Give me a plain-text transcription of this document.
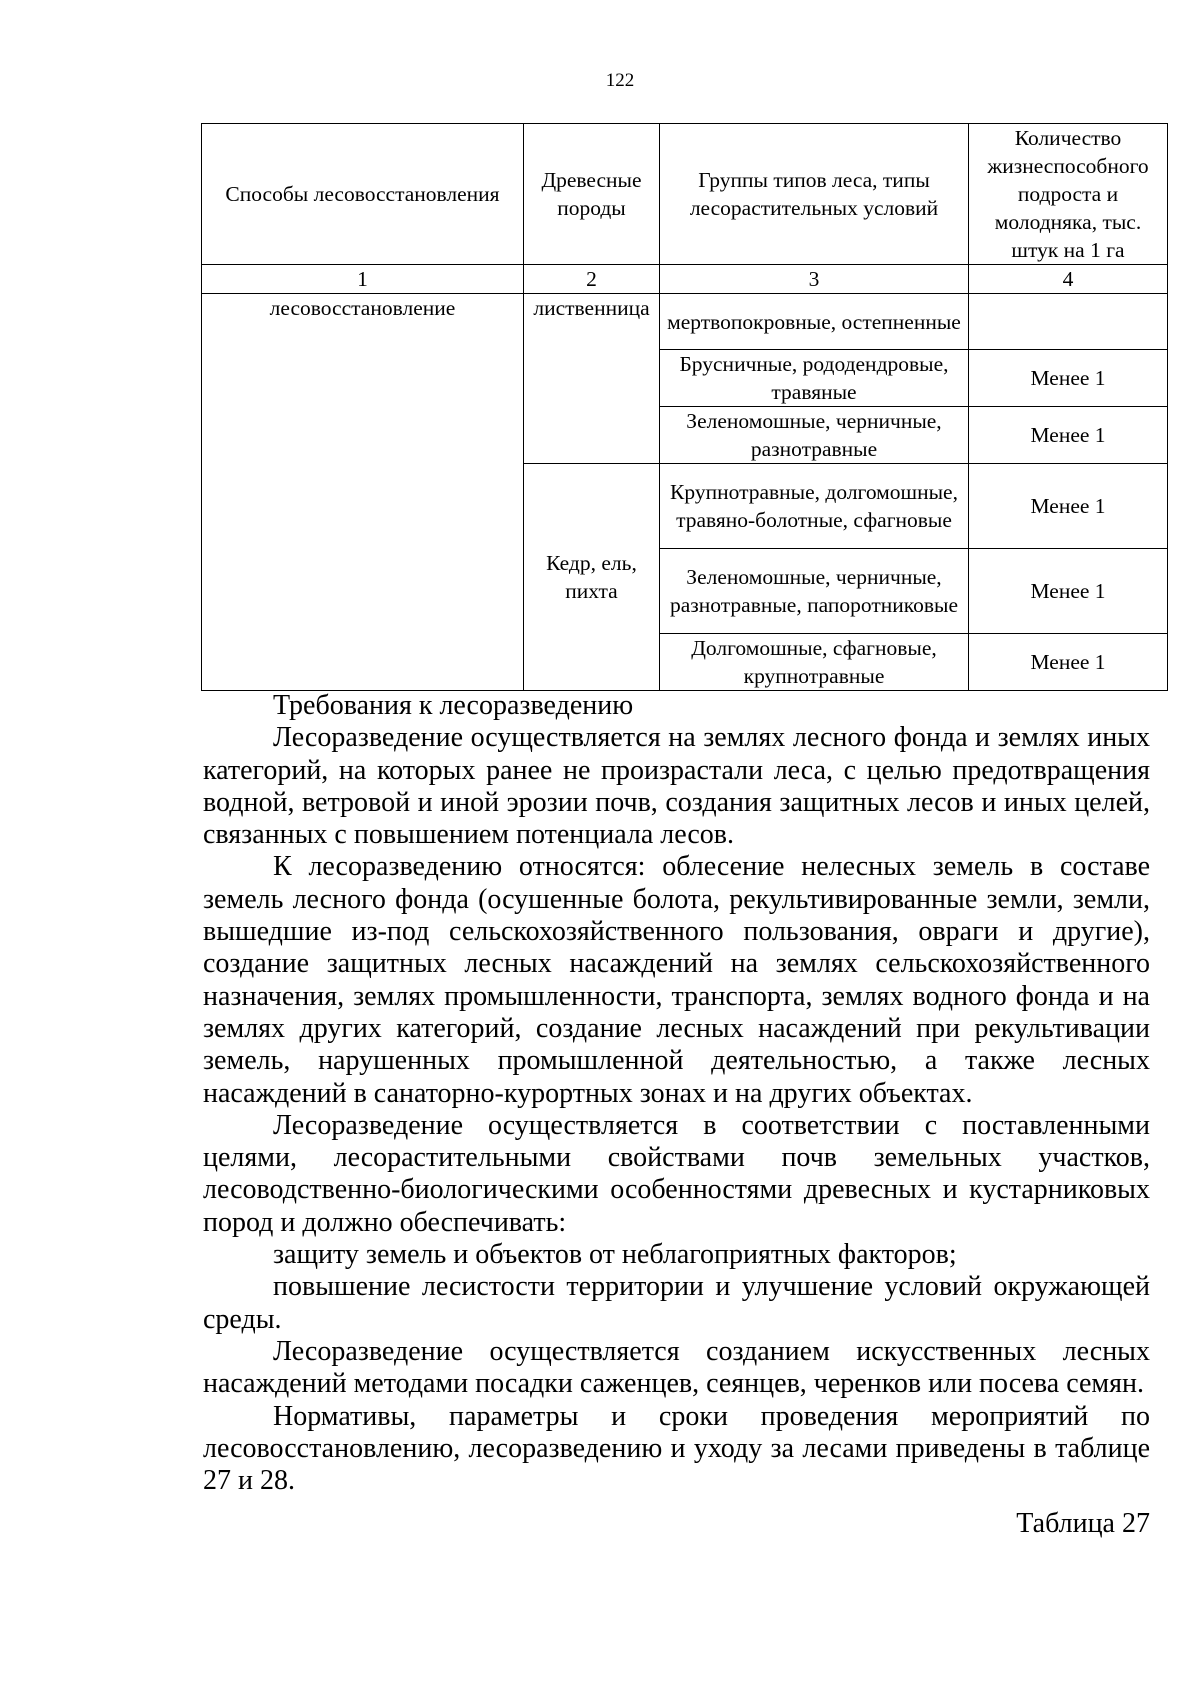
122
Способы лесовосстановления	Древесные породы	Группы типов леса, типы лесорастительных условий	Количество жизнеспособного подроста и молодняка, тыс. штук на 1 га
1	2	3	4
лесовосстановление	лиственница	мертвопокровные, остепненные	
		Брусничные, рододендровые, травяные	Менее 1
		Зеленомошные, черничные, разнотравные	Менее 1
	Кедр, ель, пихта	Крупнотравные, долгомошные, травяно-болотные, сфагновые	Менее 1
		Зеленомошные, черничные, разнотравные, папоротниковые	Менее 1
		Долгомошные, сфагновые, крупнотравные	Менее 1

Требования к лесоразведению

Лесоразведение осуществляется на землях лесного фонда и землях иных категорий, на которых ранее не произрастали леса, с целью предотвращения водной, ветровой и иной эрозии почв, создания защитных лесов и иных целей, связанных с повышением потенциала лесов.

К лесоразведению относятся: облесение нелесных земель в составе земель лесного фонда (осушенные болота, рекультивированные земли, земли, вышедшие из-под сельскохозяйственного пользования, овраги и другие), создание защитных лесных насаждений на землях сельскохозяйственного назначения, землях промышленности, транспорта, землях водного фонда и на землях других категорий, создание лесных насаждений при рекультивации земель, нарушенных промышленной деятельностью, а также лесных насаждений в санаторно-курортных зонах и на других объектах.

Лесоразведение осуществляется в соответствии с поставленными целями, лесорастительными свойствами почв земельных участков, лесоводственно-биологическими особенностями древесных и кустарниковых пород и должно обеспечивать:

защиту земель и объектов от неблагоприятных факторов;

повышение лесистости территории и улучшение условий окружающей среды.

Лесоразведение осуществляется созданием искусственных лесных насаждений методами посадки саженцев, сеянцев, черенков или посева семян.

Нормативы, параметры и сроки проведения мероприятий по лесовосстановлению, лесоразведению и уходу за лесами приведены в таблице 27 и 28.

Таблица 27
